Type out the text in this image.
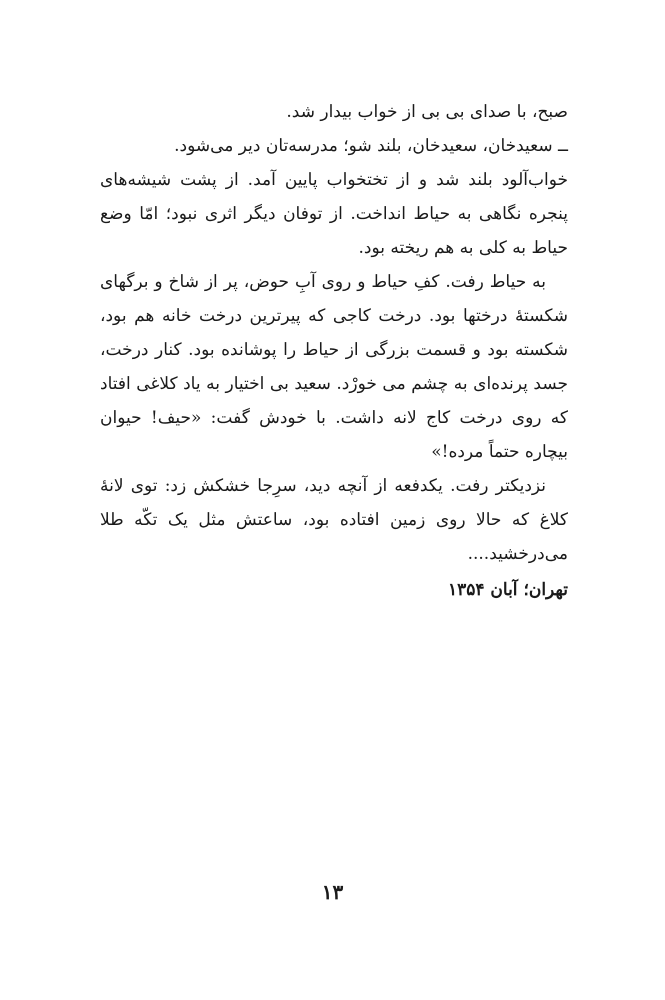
صبح، با صدای بی بی از خواب بیدار شد.

ــ سعیدخان، سعیدخان، بلند شو؛ مدرسه‌تان دیر می‌شود.

خواب‌آلود بلند شد و از تختخواب پایین آمد. از پشت شیشه‌های پنجره نگاهی به حیاط انداخت. از توفان دیگر اثری نبود؛ امّا وضع حیاط به کلی به هم ریخته بود.

به حیاط رفت. کفِ حیاط و روی آبِ حوض، پر از شاخ و برگهای شکستهٔ درختها بود. درخت کاجی که پیرترین درخت خانه هم بود، شکسته بود و قسمت بزرگی از حیاط را پوشانده بود. کنار درخت، جسد پرنده‌ای به چشم می خورْد. سعید بی اختیار به یاد کلاغی افتاد که روی درخت کاج لانه داشت. با خودش گفت: «حیف! حیوان بیچاره حتماً مرده!»

نزدیکتر رفت. یکدفعه از آنچه دید، سرِجا خشکش زد: توی لانهٔ کلاغ که حالا روی زمین افتاده بود، ساعتش مثل یک تکّه طلا می‌درخشید....

تهران؛ آبان ۱۳۵۴
۱۳
